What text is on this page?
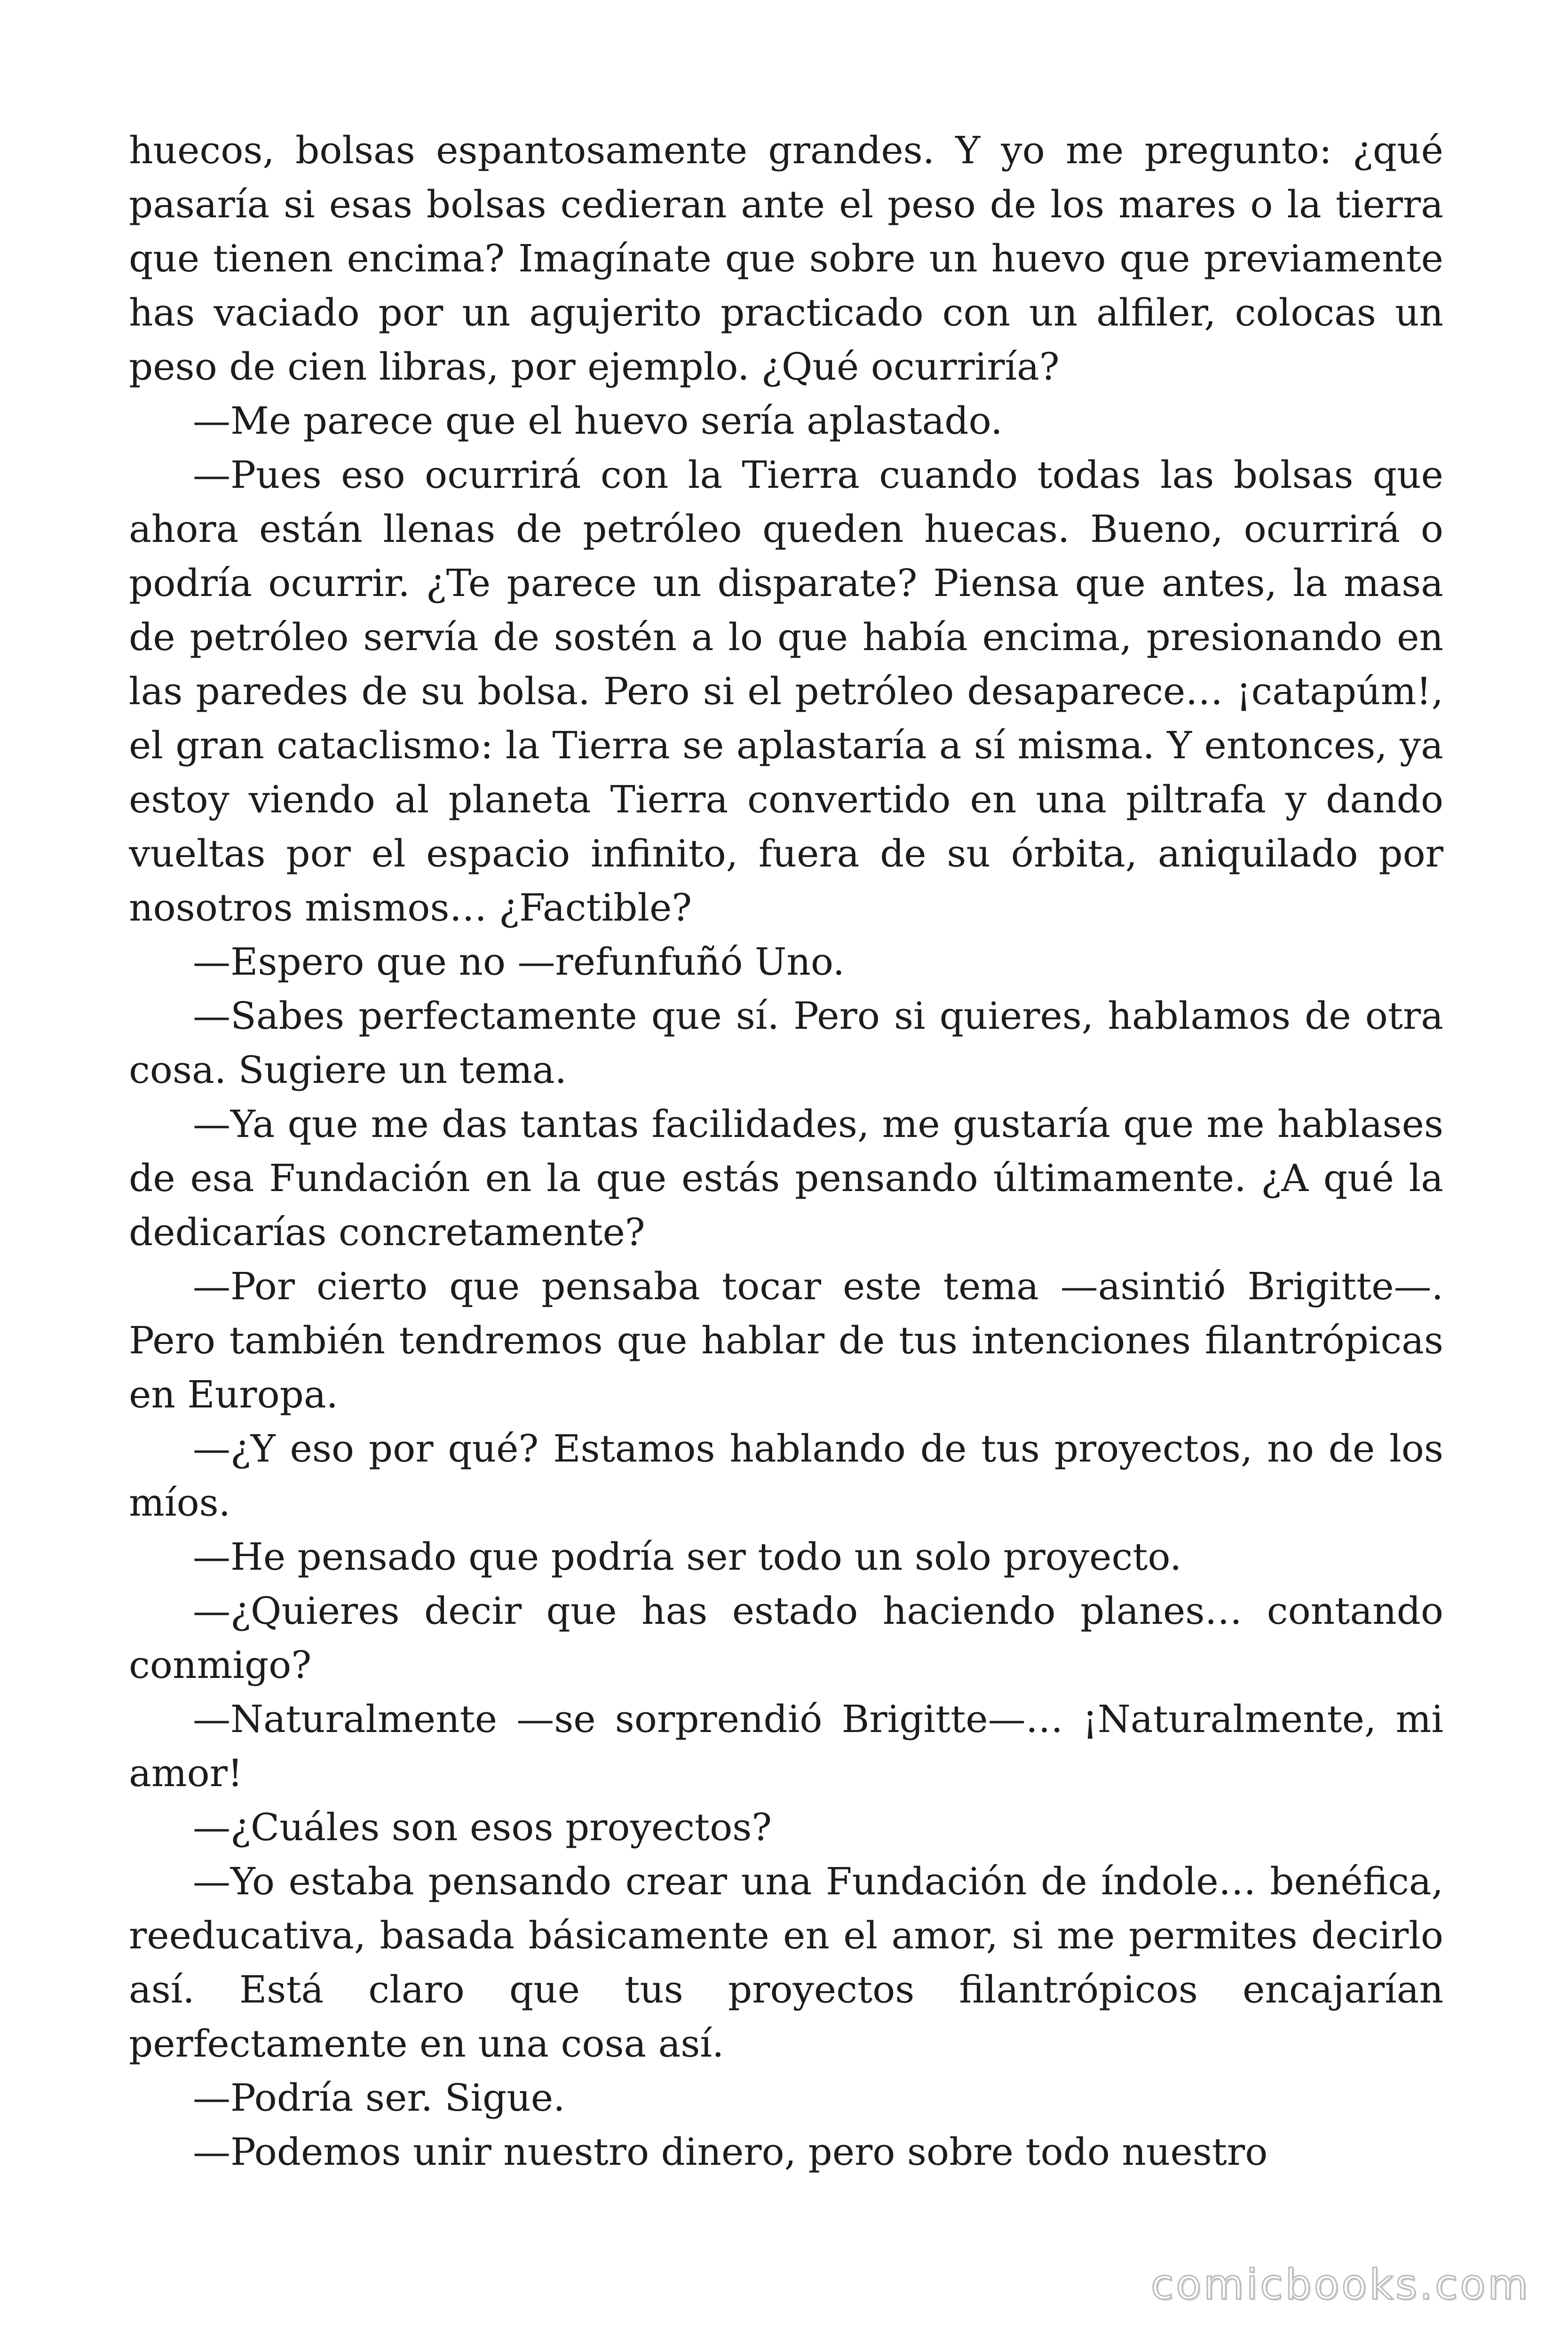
huecos, bolsas espantosamente grandes. Y yo me pregunto: ¿qué pasaría si esas bolsas cedieran ante el peso de los mares o la tierra que tienen encima? Imagínate que sobre un huevo que previamente has vaciado por un agujerito practicado con un alfiler, colocas un peso de cien libras, por ejemplo. ¿Qué ocurriría?

—Me parece que el huevo sería aplastado.

—Pues eso ocurrirá con la Tierra cuando todas las bolsas que ahora están llenas de petróleo queden huecas. Bueno, ocurrirá o podría ocurrir. ¿Te parece un disparate? Piensa que antes, la masa de petróleo servía de sostén a lo que había encima, presionando en las paredes de su bolsa. Pero si el petróleo desaparece… ¡catapúm!, el gran cataclismo: la Tierra se aplastaría a sí misma. Y entonces, ya estoy viendo al planeta Tierra convertido en una piltrafa y dando vueltas por el espacio infinito, fuera de su órbita, aniquilado por nosotros mismos… ¿Factible?

—Espero que no —refunfuñó Uno.

—Sabes perfectamente que sí. Pero si quieres, hablamos de otra cosa. Sugiere un tema.

—Ya que me das tantas facilidades, me gustaría que me hablases de esa Fundación en la que estás pensando últimamente. ¿A qué la dedicarías concretamente?

—Por cierto que pensaba tocar este tema —asintió Brigitte—. Pero también tendremos que hablar de tus intenciones filantrópicas en Europa.

—¿Y eso por qué? Estamos hablando de tus proyectos, no de los míos.

—He pensado que podría ser todo un solo proyecto.

—¿Quieres decir que has estado haciendo planes… contando conmigo?

—Naturalmente —se sorprendió Brigitte—… ¡Naturalmente, mi amor!

—¿Cuáles son esos proyectos?

—Yo estaba pensando crear una Fundación de índole… benéfica, reeducativa, basada básicamente en el amor, si me permites decirlo así. Está claro que tus proyectos filantrópicos encajarían perfectamente en una cosa así.

—Podría ser. Sigue.

—Podemos unir nuestro dinero, pero sobre todo nuestro

comicbooks.com
